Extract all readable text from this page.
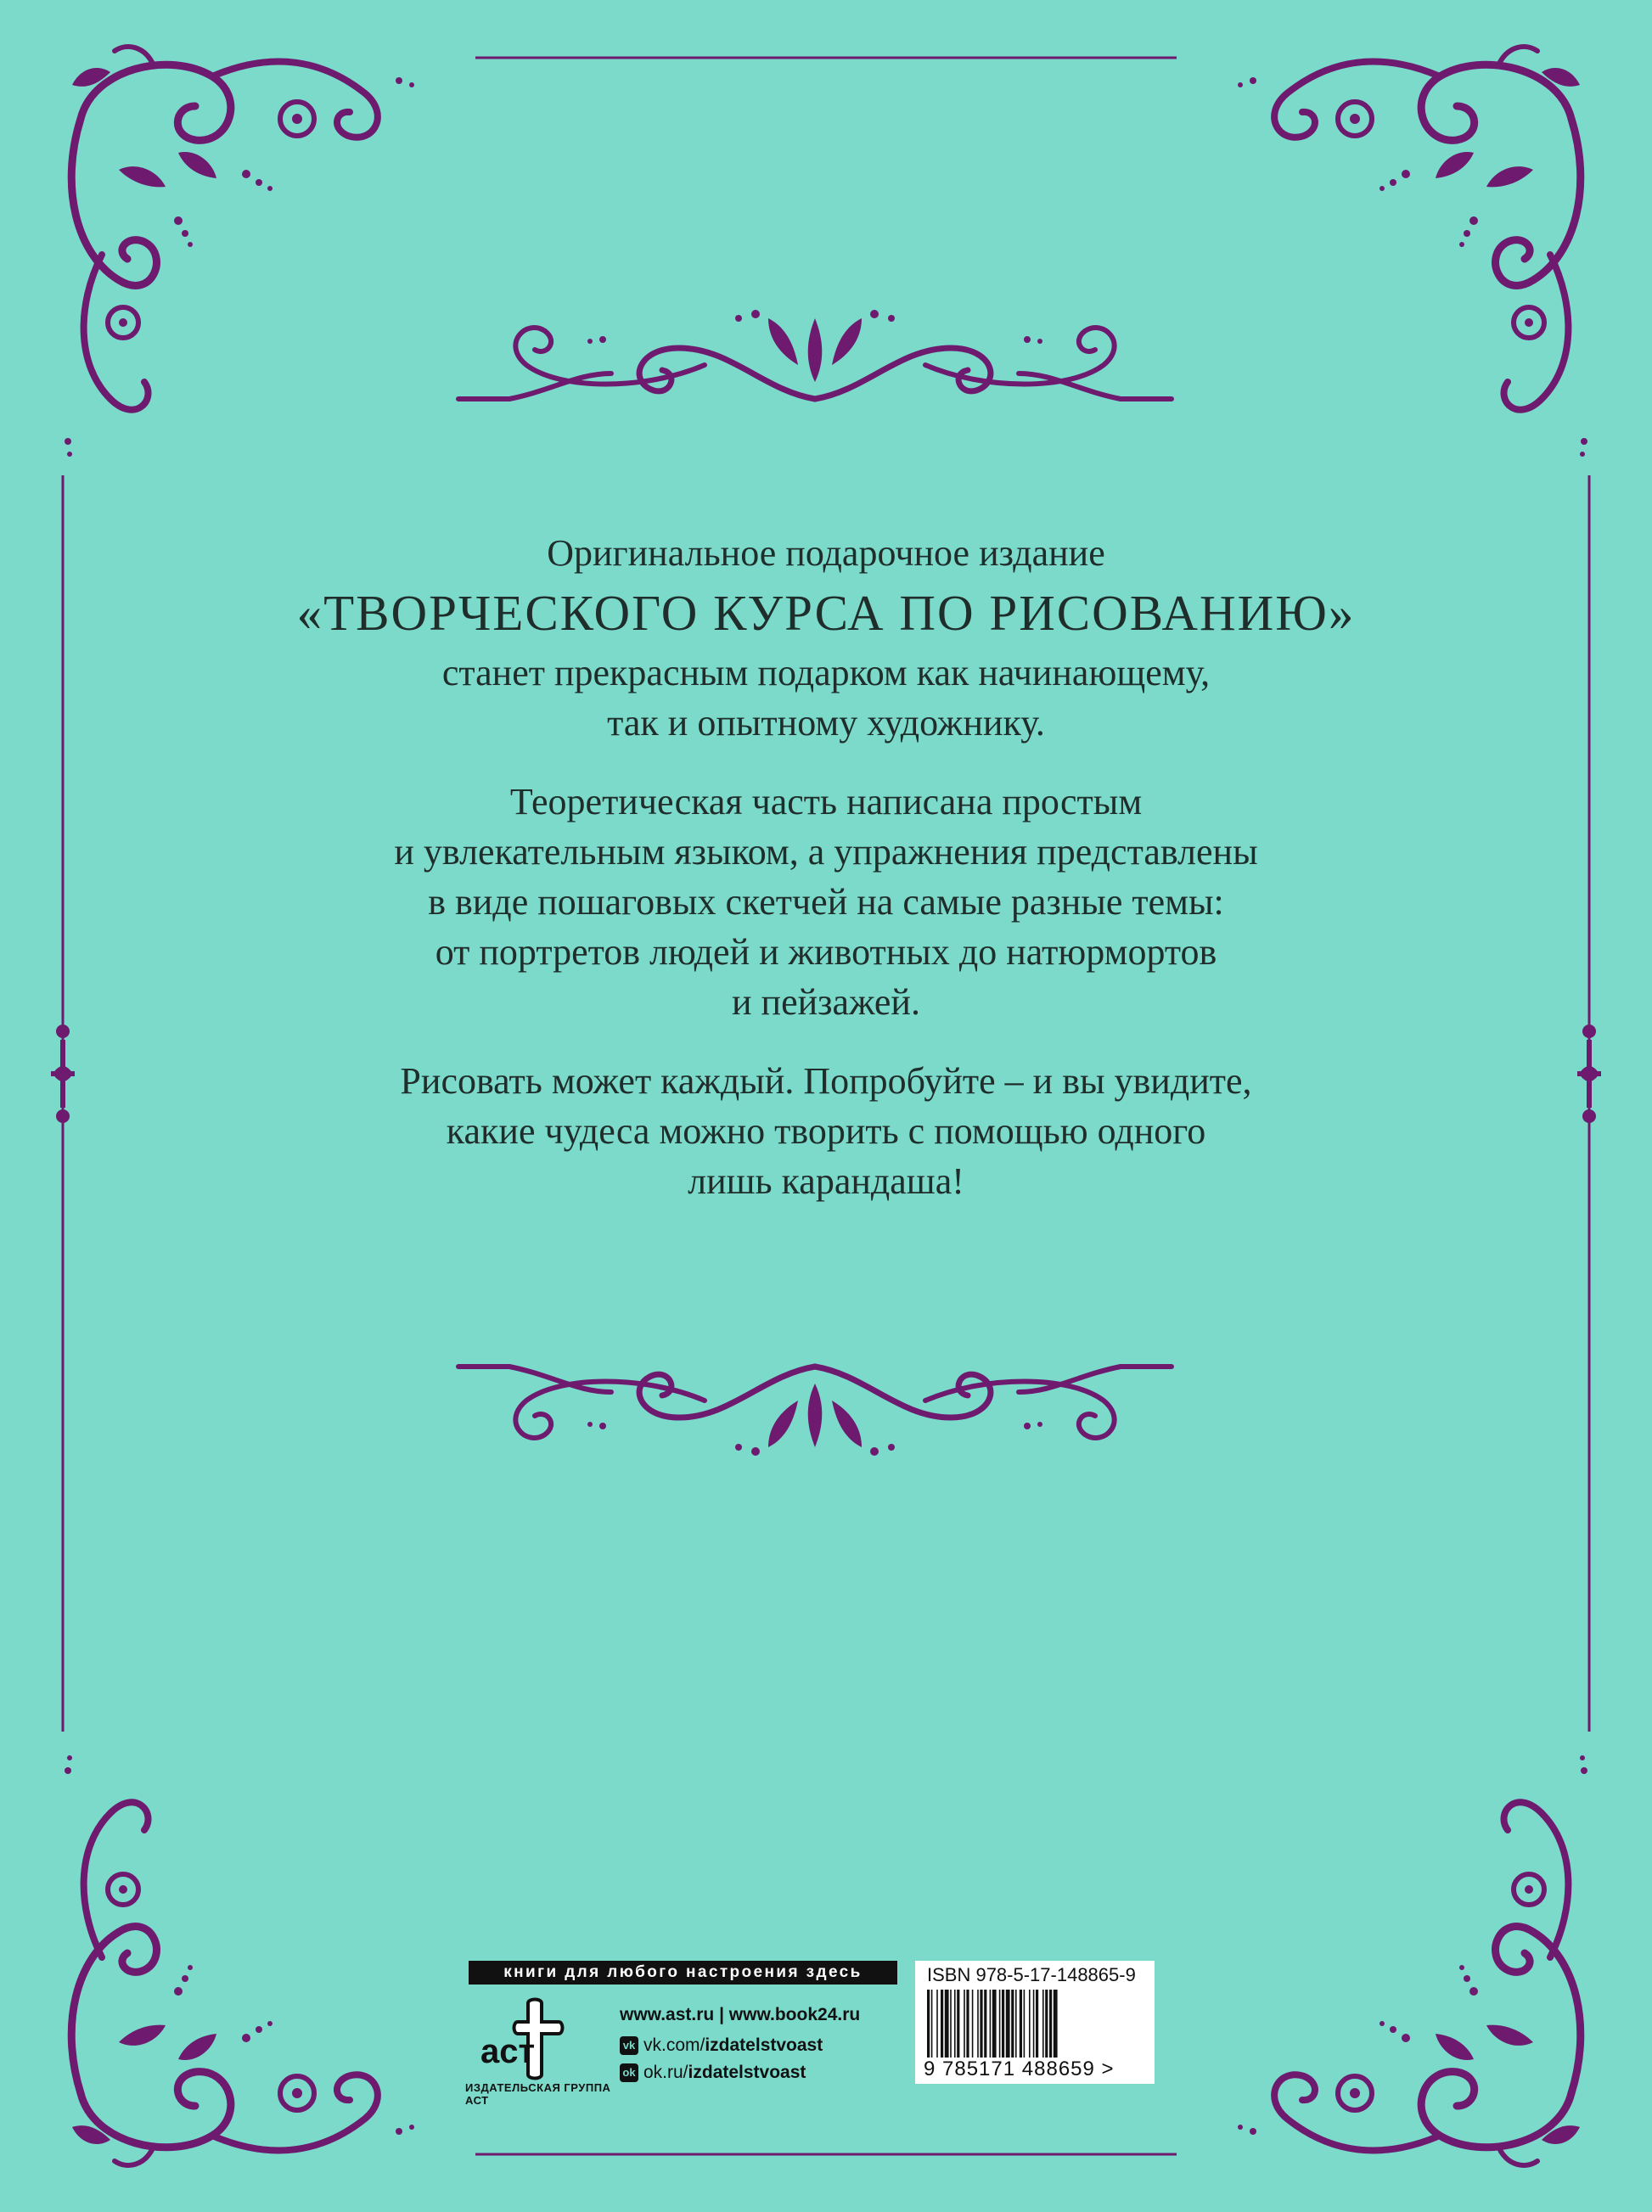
Оригинальное подарочное издание
«ТВОРЧЕСКОГО КУРСА ПО РИСОВАНИЮ»
станет прекрасным подарком как начинающему,
так и опытному художнику.

Теоретическая часть написана простым
и увлекательным языком, а упражнения представлены
в виде пошаговых скетчей на самые разные темы:
от портретов людей и животных до натюрмортов
и пейзажей.

Рисовать может каждый. Попробуйте – и вы увидите,
какие чудеса можно творить с помощью одного
лишь карандаша!

книги для любого настроения здесь
аст
ИЗДАТЕЛЬСКАЯ ГРУППА АСТ
www.ast.ru | www.book24.ru
vk vk.com/ izdatelstvoast
ok ok.ru/ izdatelstvoast
ISBN 978-5-17-148865-9
9 785171 488659 >
